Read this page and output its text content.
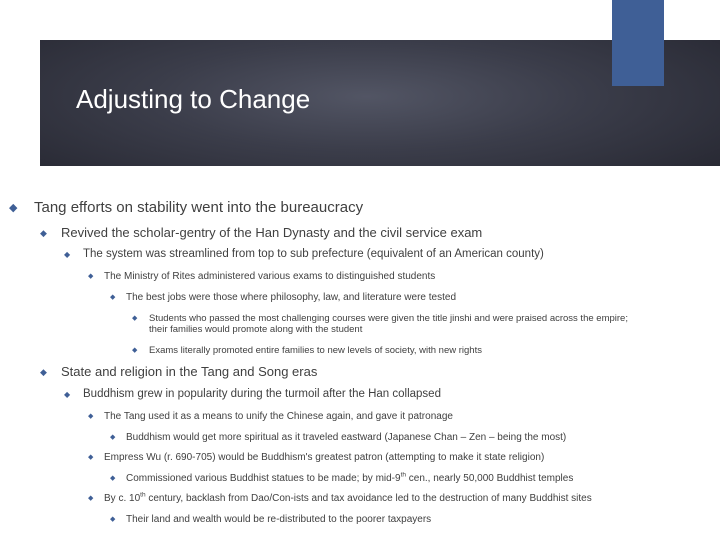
Adjusting to Change
◆ Tang efforts on stability went into the bureaucracy
◆ Revived the scholar-gentry of the Han Dynasty and the civil service exam
◆ The system was streamlined from top to sub prefecture (equivalent of an American county)
◆ The Ministry of Rites administered various exams to distinguished students
◆ The best jobs were those where philosophy, law, and literature were tested
◆ Students who passed the most challenging courses were given the title jinshi and were praised across the empire;
their families would promote along with the student
◆ Exams literally promoted entire families to new levels of society, with new rights
◆ State and religion in the Tang and Song eras
◆ Buddhism grew in popularity during the turmoil after the Han collapsed
◆ The Tang used it as a means to unify the Chinese again, and gave it patronage
◆ Buddhism would get more spiritual as it traveled eastward (Japanese Chan – Zen – being the most)
◆ Empress Wu (r. 690-705) would be Buddhism's greatest patron (attempting to make it state religion)
◆ Commissioned various Buddhist statues to be made; by mid-9th cen., nearly 50,000 Buddhist temples
◆ By c. 10th century, backlash from Dao/Con-ists and tax avoidance led to the destruction of many Buddhist sites
◆ Their land and wealth would be re-distributed to the poorer taxpayers
